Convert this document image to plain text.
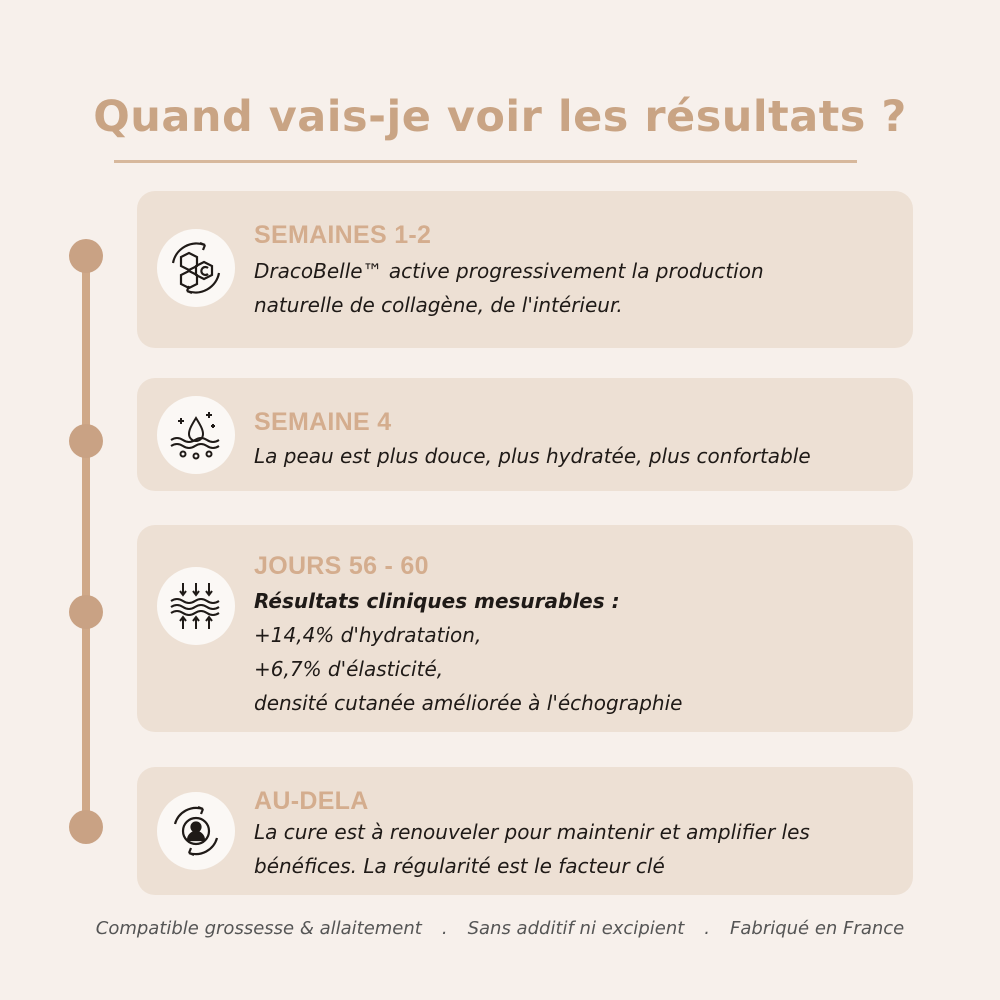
Quand vais-je voir les résultats ?

SEMAINES 1-2

DracoBelle™ active progressivement la production
naturelle de collagène, de l'intérieur.

SEMAINE 4

La peau est plus douce, plus hydratée, plus confortable

JOURS 56 - 60

Résultats cliniques mesurables :
+14,4% d'hydratation,
+6,7% d'élasticité,
densité cutanée améliorée à l'échographie

AU-DELA

La cure est à renouveler pour maintenir et amplifier les
bénéfices. La régularité est le facteur clé

Compatible grossesse & allaitement . Sans additif ni excipient . Fabriqué en France
